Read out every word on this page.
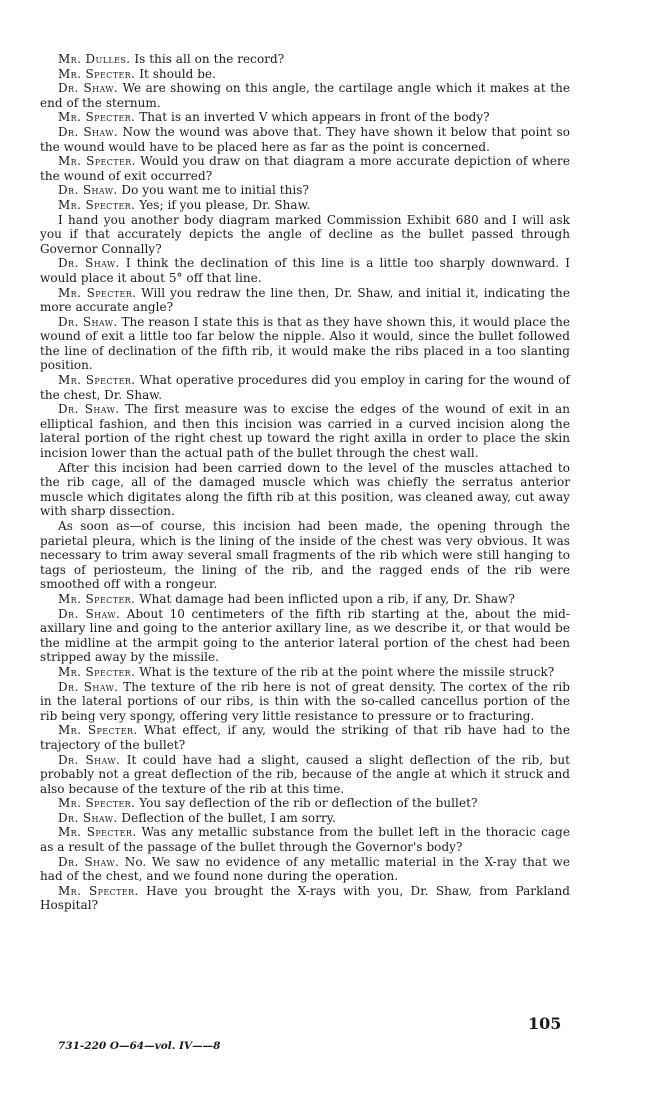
Mr. Dulles. Is this all on the record?

Mr. Specter. It should be.

Dr. Shaw. We are showing on this angle, the cartilage angle which it makes at the end of the sternum.

Mr. Specter. That is an inverted V which appears in front of the body?

Dr. Shaw. Now the wound was above that. They have shown it below that point so the wound would have to be placed here as far as the point is concerned.

Mr. Specter. Would you draw on that diagram a more accurate depiction of where the wound of exit occurred?

Dr. Shaw. Do you want me to initial this?

Mr. Specter. Yes; if you please, Dr. Shaw.

I hand you another body diagram marked Commission Exhibit 680 and I will ask you if that accurately depicts the angle of decline as the bullet passed through Governor Connally?

Dr. Shaw. I think the declination of this line is a little too sharply downward. I would place it about 5° off that line.

Mr. Specter. Will you redraw the line then, Dr. Shaw, and initial it, indicating the more accurate angle?

Dr. Shaw. The reason I state this is that as they have shown this, it would place the wound of exit a little too far below the nipple. Also it would, since the bullet followed the line of declination of the fifth rib, it would make the ribs placed in a too slanting position.

Mr. Specter. What operative procedures did you employ in caring for the wound of the chest, Dr. Shaw.

Dr. Shaw. The first measure was to excise the edges of the wound of exit in an elliptical fashion, and then this incision was carried in a curved incision along the lateral portion of the right chest up toward the right axilla in order to place the skin incision lower than the actual path of the bullet through the chest wall.

After this incision had been carried down to the level of the muscles attached to the rib cage, all of the damaged muscle which was chiefly the serratus anterior muscle which digitates along the fifth rib at this position, was cleaned away, cut away with sharp dissection.

As soon as—of course, this incision had been made, the opening through the parietal pleura, which is the lining of the inside of the chest was very obvious. It was necessary to trim away several small fragments of the rib which were still hanging to tags of periosteum, the lining of the rib, and the ragged ends of the rib were smoothed off with a rongeur.

Mr. Specter. What damage had been inflicted upon a rib, if any, Dr. Shaw?

Dr. Shaw. About 10 centimeters of the fifth rib starting at the, about the mid-axillary line and going to the anterior axillary line, as we describe it, or that would be the midline at the armpit going to the anterior lateral portion of the chest had been stripped away by the missile.

Mr. Specter. What is the texture of the rib at the point where the missile struck?

Dr. Shaw. The texture of the rib here is not of great density. The cortex of the rib in the lateral portions of our ribs, is thin with the so-called cancellus portion of the rib being very spongy, offering very little resistance to pressure or to fracturing.

Mr. Specter. What effect, if any, would the striking of that rib have had to the trajectory of the bullet?

Dr. Shaw. It could have had a slight, caused a slight deflection of the rib, but probably not a great deflection of the rib, because of the angle at which it struck and also because of the texture of the rib at this time.

Mr. Specter. You say deflection of the rib or deflection of the bullet?

Dr. Shaw. Deflection of the bullet, I am sorry.

Mr. Specter. Was any metallic substance from the bullet left in the thoracic cage as a result of the passage of the bullet through the Governor's body?

Dr. Shaw. No. We saw no evidence of any metallic material in the X-ray that we had of the chest, and we found none during the operation.

Mr. Specter. Have you brought the X-rays with you, Dr. Shaw, from Parkland Hospital?

105
731-220 O—64—vol. IV——8
